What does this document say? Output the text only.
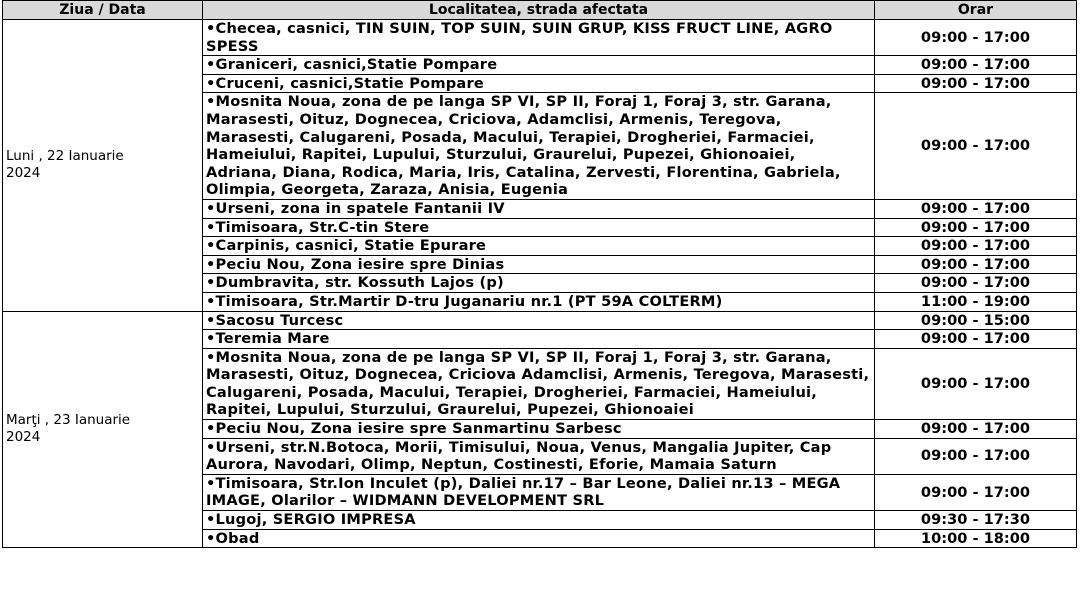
Ziua / Data	Localitatea, strada afectata	Orar
Luni , 22 Ianuarie
2024	•Checea, casnici, TIN SUIN, TOP SUIN, SUIN GRUP, KISS FRUCT LINE, AGRO SPESS	09:00 - 17:00
	•Graniceri, casnici,Statie Pompare	09:00 - 17:00
	•Cruceni, casnici,Statie Pompare	09:00 - 17:00
	•Mosnita Noua, zona de pe langa SP VI, SP II, Foraj 1, Foraj 3, str. Garana, Marasesti, Oituz, Dognecea, Criciova, Adamclisi, Armenis, Teregova, Marasesti, Calugareni, Posada, Macului, Terapiei, Drogheriei, Farmaciei, Hameiului, Rapitei, Lupului, Sturzului, Graurelui, Pupezei, Ghionoaiei, Adriana, Diana, Rodica, Maria, Iris, Catalina, Zervesti, Florentina, Gabriela, Olimpia, Georgeta, Zaraza, Anisia, Eugenia	09:00 - 17:00
	•Urseni, zona in spatele Fantanii IV	09:00 - 17:00
	•Timisoara, Str.C-tin Stere	09:00 - 17:00
	•Carpinis, casnici, Statie Epurare	09:00 - 17:00
	•Peciu Nou, Zona iesire spre Dinias	09:00 - 17:00
	•Dumbravita, str. Kossuth Lajos (p)	09:00 - 17:00
	•Timisoara, Str.Martir D-tru Juganariu nr.1 (PT 59A COLTERM)	11:00 - 19:00
Marţi , 23 Ianuarie
2024	•Sacosu Turcesc	09:00 - 15:00
	•Teremia Mare	09:00 - 17:00
	•Mosnita Noua, zona de pe langa SP VI, SP II, Foraj 1, Foraj 3, str. Garana, Marasesti, Oituz, Dognecea, Criciova Adamclisi, Armenis, Teregova, Marasesti, Calugareni, Posada, Macului, Terapiei, Drogheriei, Farmaciei, Hameiului, Rapitei, Lupului, Sturzului, Graurelui, Pupezei, Ghionoaiei	09:00 - 17:00
	•Peciu Nou, Zona iesire spre Sanmartinu Sarbesc	09:00 - 17:00
	•Urseni, str.N.Botoca, Morii, Timisului, Noua, Venus, Mangalia Jupiter, Cap Aurora, Navodari, Olimp, Neptun, Costinesti, Eforie, Mamaia Saturn	09:00 - 17:00
	•Timisoara, Str.Ion Inculet (p), Daliei nr.17 – Bar Leone, Daliei nr.13 – MEGA IMAGE, Olarilor – WIDMANN DEVELOPMENT SRL	09:00 - 17:00
	•Lugoj, SERGIO IMPRESA	09:30 - 17:30
	•Obad	10:00 - 18:00
